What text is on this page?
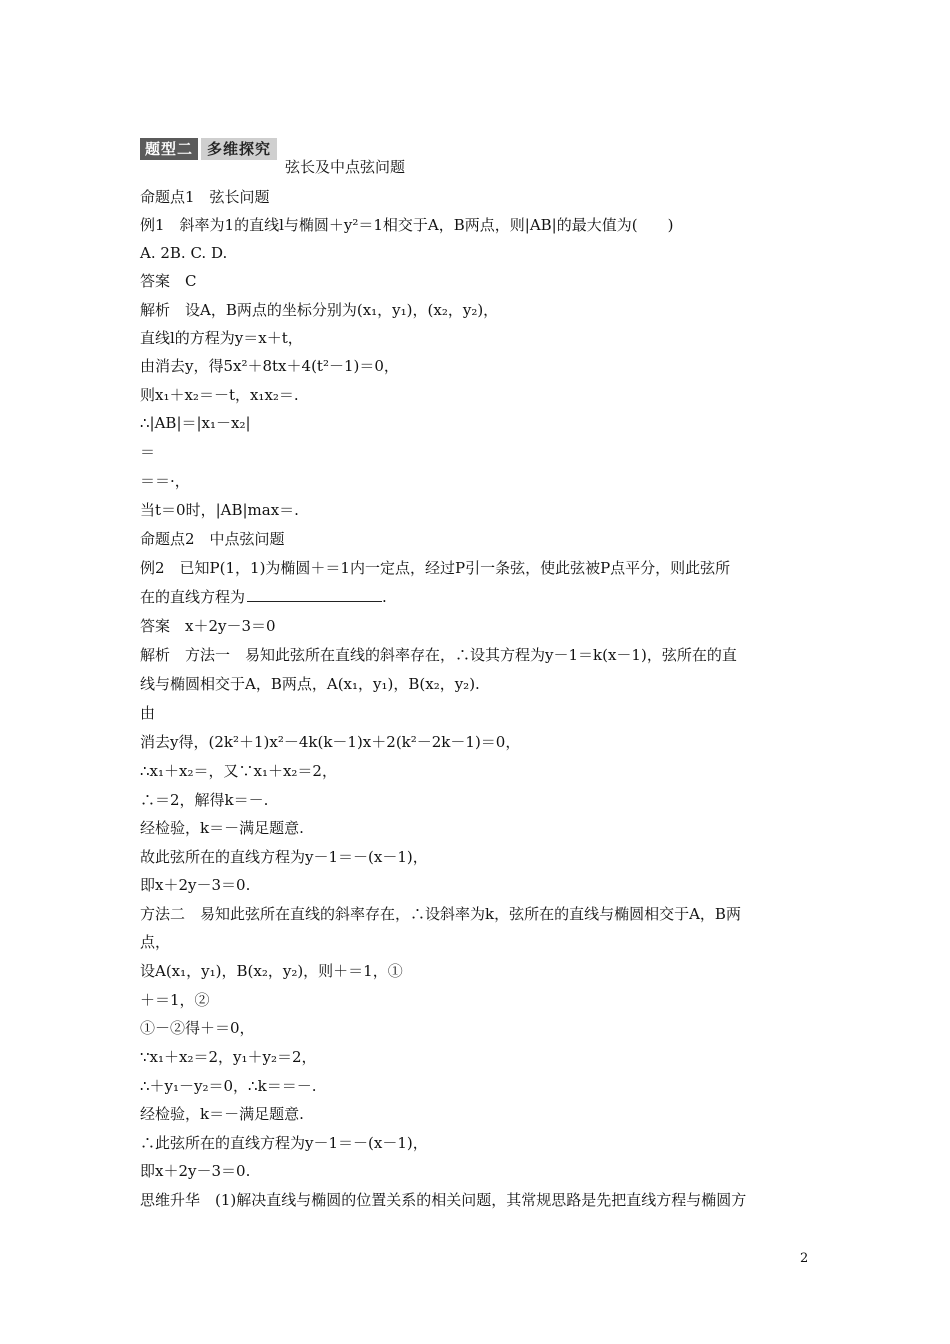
题型二 多维探究
弦长及中点弦问题
命题点1　弦长问题
例1　斜率为1的直线l与椭圆＋y²＝1相交于A，B两点，则|AB|的最大值为(　　)
A. 2B. C. D.
答案　C
解析　设A，B两点的坐标分别为(x₁，y₁)，(x₂，y₂)，
直线l的方程为y＝x＋t，
由消去y，得5x²＋8tx＋4(t²－1)＝0，
则x₁＋x₂＝－t，x₁x₂＝.
∴|AB|＝|x₁－x₂|
＝
＝＝·，
当t＝0时，|AB|max＝.
命题点2　中点弦问题
例2　已知P(1，1)为椭圆＋＝1内一定点，经过P引一条弦，使此弦被P点平分，则此弦所
在的直线方程为	.
答案　x＋2y－3＝0
解析　方法一　易知此弦所在直线的斜率存在，∴设其方程为y－1＝k(x－1)，弦所在的直
线与椭圆相交于A，B两点，A(x₁，y₁)，B(x₂，y₂).
由
消去y得，(2k²＋1)x²－4k(k－1)x＋2(k²－2k－1)＝0，
∴x₁＋x₂＝，又∵x₁＋x₂＝2，
∴＝2，解得k＝－.
经检验，k＝－满足题意.
故此弦所在的直线方程为y－1＝－(x－1)，
即x＋2y－3＝0.
方法二　易知此弦所在直线的斜率存在，∴设斜率为k，弦所在的直线与椭圆相交于A，B两
点，
设A(x₁，y₁)，B(x₂，y₂)，则＋＝1，①
＋＝1，②
①－②得＋＝0，
∵x₁＋x₂＝2，y₁＋y₂＝2，
∴＋y₁－y₂＝0，∴k＝＝－.
经检验，k＝－满足题意.
∴此弦所在的直线方程为y－1＝－(x－1)，
即x＋2y－3＝0.
思维升华　(1)解决直线与椭圆的位置关系的相关问题，其常规思路是先把直线方程与椭圆方
2
